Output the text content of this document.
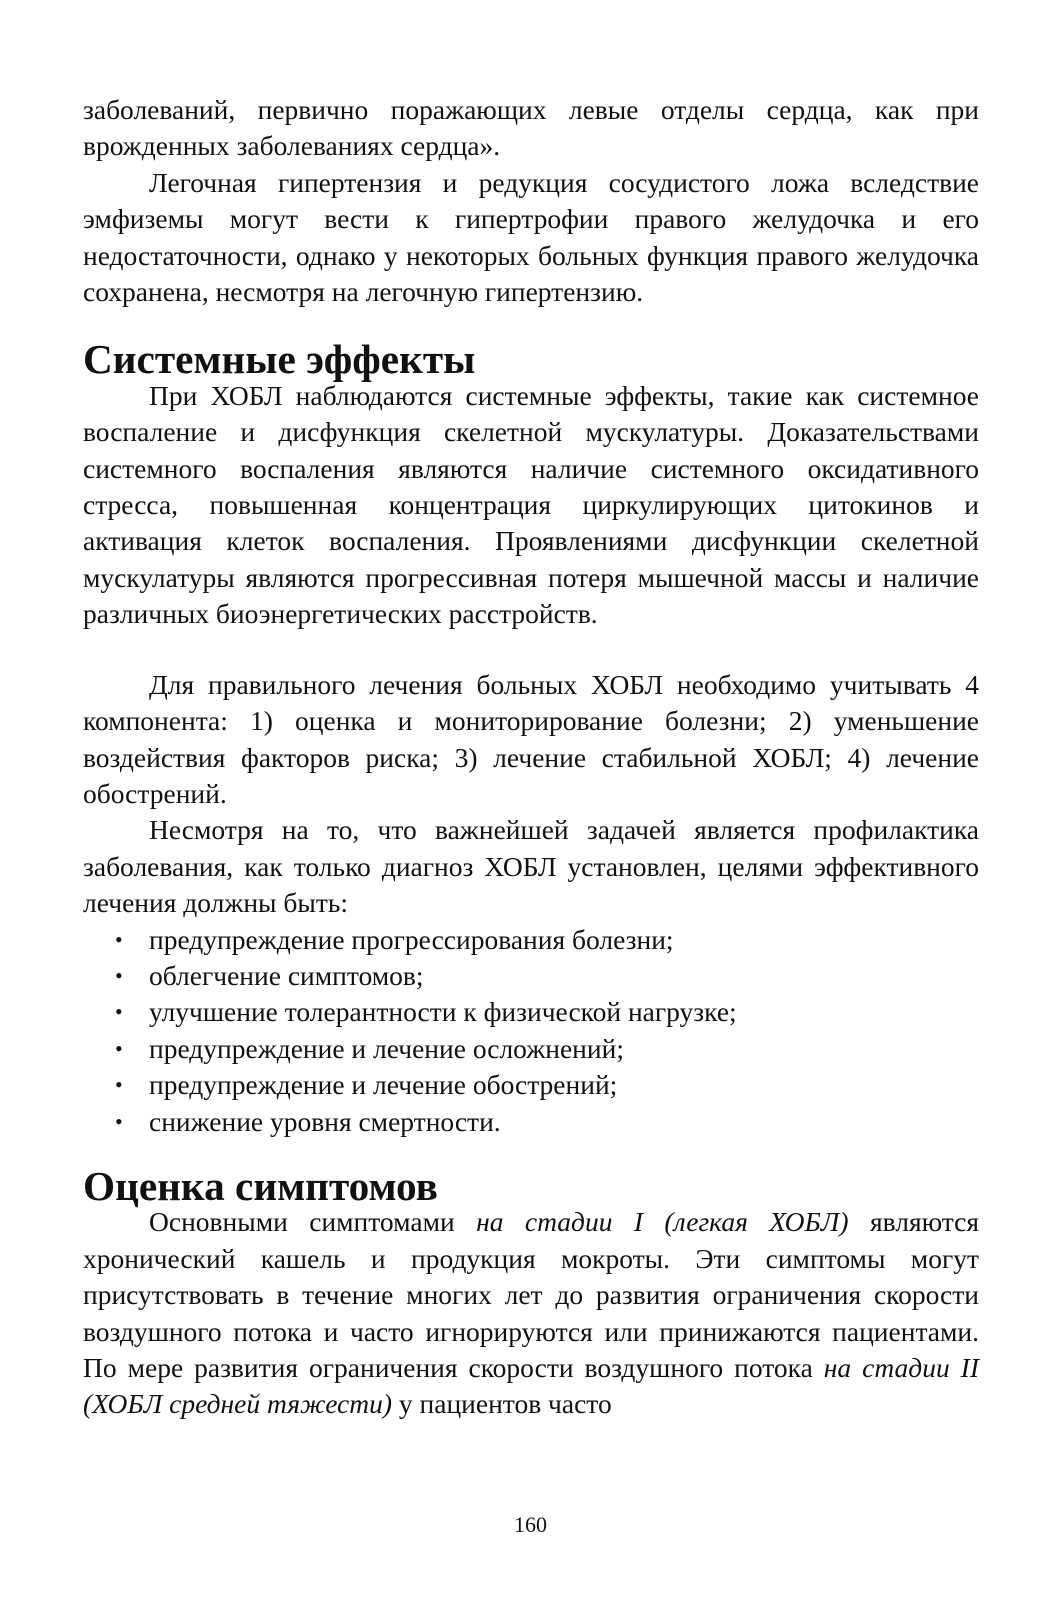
заболеваний, первично поражающих левые отделы сердца, как при врожденных заболеваниях сердца».

Легочная гипертензия и редукция сосудистого ложа вследствие эмфиземы могут вести к гипертрофии правого желудочка и его недостаточности, однако у некоторых больных функция правого желудочка сохранена, несмотря на легочную гипертензию.

Системные эффекты

При ХОБЛ наблюдаются системные эффекты, такие как системное воспаление и дисфункция скелетной мускулатуры. Доказательствами системного воспаления являются наличие системного оксидативного стресса, повышенная концентрация циркулирующих цитокинов и активация клеток воспаления. Проявлениями дисфункции скелетной мускулатуры являются прогрессивная потеря мышечной массы и наличие различных биоэнергетических расстройств.

Для правильного лечения больных ХОБЛ необходимо учитывать 4 компонента: 1) оценка и мониторирование болезни; 2) уменьшение воздействия факторов риска; 3) лечение стабильной ХОБЛ; 4) лечение обострений.

Несмотря на то, что важнейшей задачей является профилактика заболевания, как только диагноз ХОБЛ установлен, целями эффективного лечения должны быть:

• предупреждение прогрессирования болезни;
• облегчение симптомов;
• улучшение толерантности к физической нагрузке;
• предупреждение и лечение осложнений;
• предупреждение и лечение обострений;
• снижение уровня смертности.
Оценка симптомов

Основными симптомами на стадии I (легкая ХОБЛ) являются хронический кашель и продукция мокроты. Эти симптомы могут присутствовать в течение многих лет до развития ограничения скорости воздушного потока и часто игнорируются или принижаются пациентами. По мере развития ограничения скорости воздушного потока на стадии II (ХОБЛ средней тяжести) у пациентов часто

160
